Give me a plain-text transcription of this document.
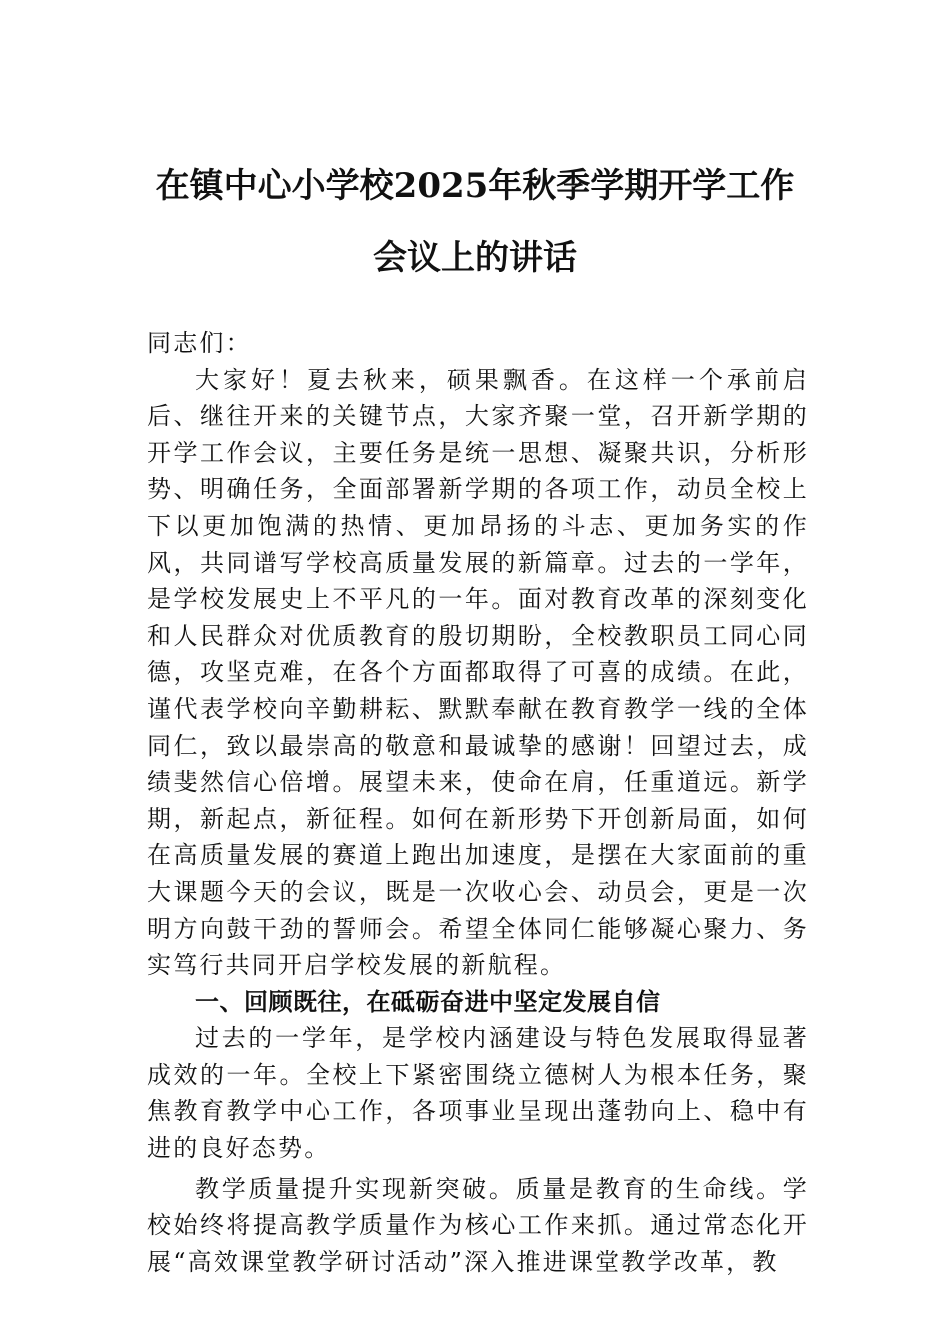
在镇中心小学校2025年秋季学期开学工作
会议上的讲话

同志们：

大家好！夏去秋来，硕果飘香。在这样一个承前启后、继往开来的关键节点，大家齐聚一堂，召开新学期的开学工作会议，主要任务是统一思想、凝聚共识，分析形势、明确任务，全面部署新学期的各项工作，动员全校上下以更加饱满的热情、更加昂扬的斗志、更加务实的作风，共同谱写学校高质量发展的新篇章。过去的一学年，是学校发展史上不平凡的一年。面对教育改革的深刻变化和人民群众对优质教育的殷切期盼，全校教职员工同心同德，攻坚克难，在各个方面都取得了可喜的成绩。在此，谨代表学校向辛勤耕耘、默默奉献在教育教学一线的全体同仁，致以最崇高的敬意和最诚挚的感谢！回望过去，成绩斐然信心倍增。展望未来，使命在肩，任重道远。新学期，新起点，新征程。如何在新形势下开创新局面，如何在高质量发展的赛道上跑出加速度，是摆在大家面前的重大课题今天的会议，既是一次收心会、动员会，更是一次明方向鼓干劲的誓师会。希望全体同仁能够凝心聚力、务实笃行共同开启学校发展的新航程。

一、回顾既往，在砥砺奋进中坚定发展自信

过去的一学年，是学校内涵建设与特色发展取得显著成效的一年。全校上下紧密围绕立德树人为根本任务，聚焦教育教学中心工作，各项事业呈现出蓬勃向上、稳中有进的良好态势。

教学质量提升实现新突破。质量是教育的生命线。学校始终将提高教学质量作为核心工作来抓。通过常态化开展“高效课堂教学研讨活动”深入推进课堂教学改革，教
